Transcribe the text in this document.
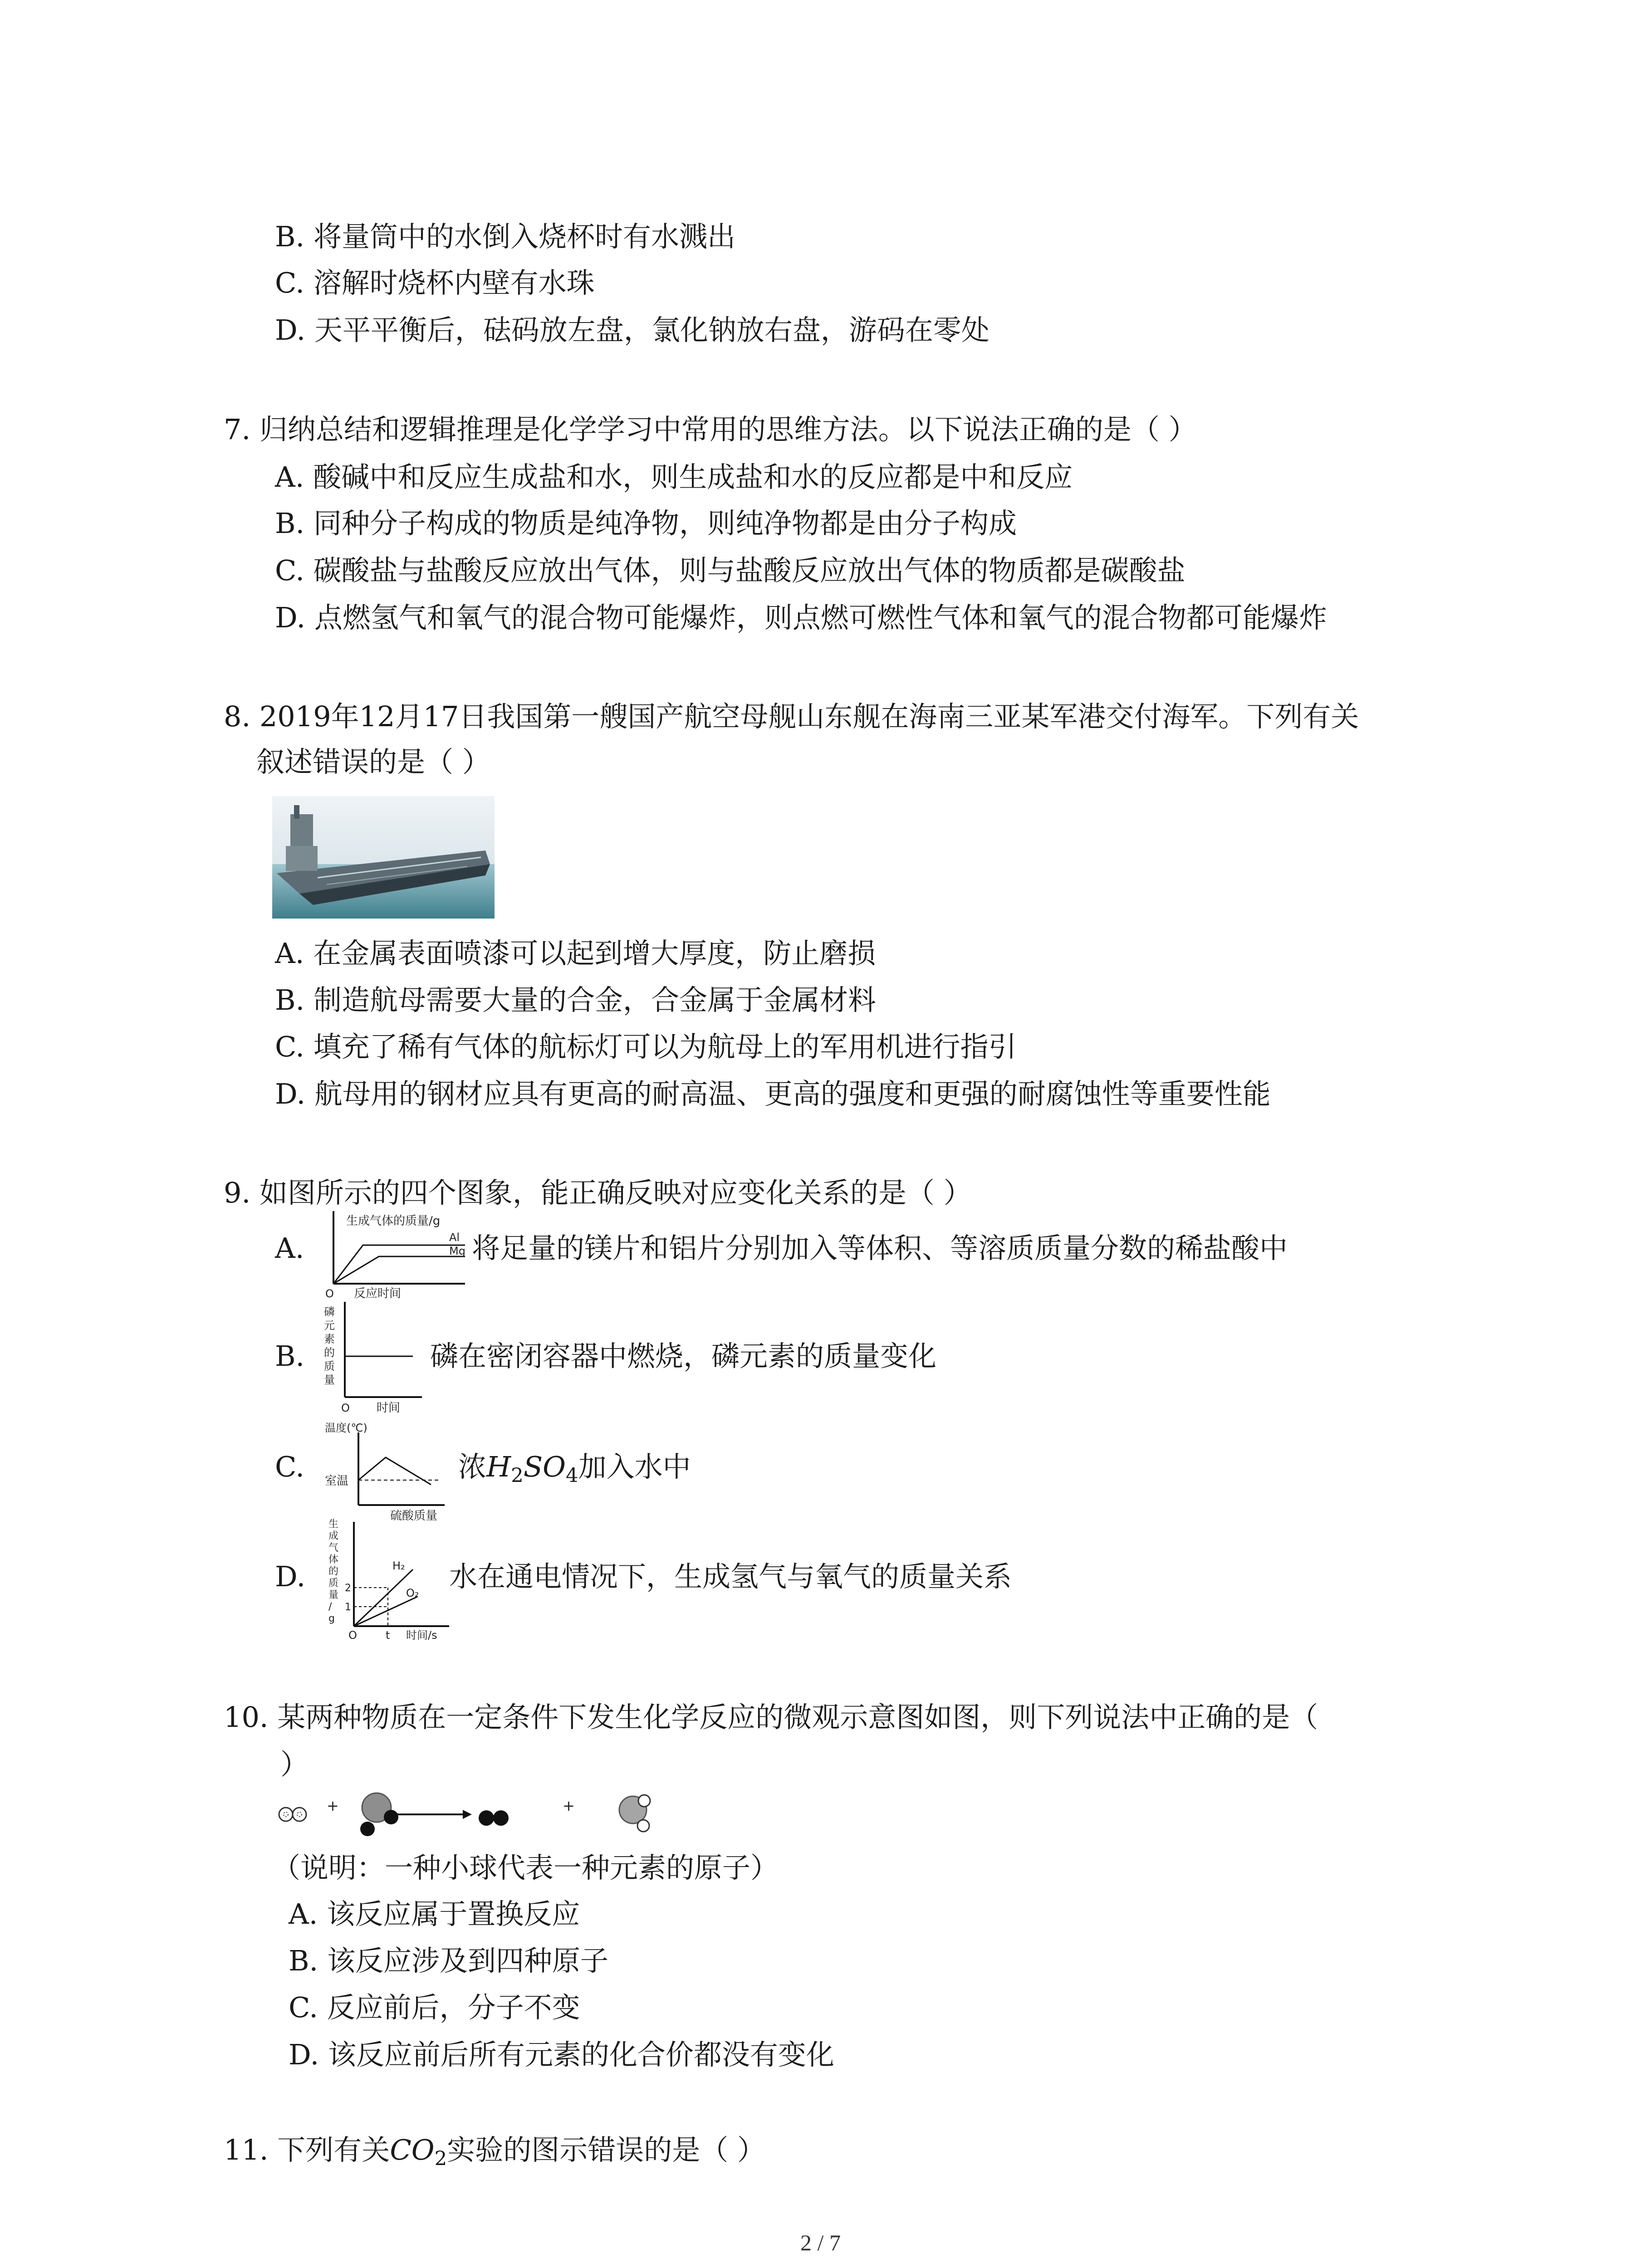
B. 将量筒中的水倒入烧杯时有水溅出
C. 溶解时烧杯内壁有水珠
D. 天平平衡后，砝码放左盘，氯化钠放右盘，游码在零处
7. 归纳总结和逻辑推理是化学学习中常用的思维方法。以下说法正确的是（ ）
A. 酸碱中和反应生成盐和水，则生成盐和水的反应都是中和反应
B. 同种分子构成的物质是纯净物，则纯净物都是由分子构成
C. 碳酸盐与盐酸反应放出气体，则与盐酸反应放出气体的物质都是碳酸盐
D. 点燃氢气和氧气的混合物可能爆炸，则点燃可燃性气体和氧气的混合物都可能爆炸
8. 2019年12月17日我国第一艘国产航空母舰山东舰在海南三亚某军港交付海军。下列有关
叙述错误的是（ ）
A. 在金属表面喷漆可以起到增大厚度，防止磨损
B. 制造航母需要大量的合金，合金属于金属材料
C. 填充了稀有气体的航标灯可以为航母上的军用机进行指引
D. 航母用的钢材应具有更高的耐高温、更高的强度和更强的耐腐蚀性等重要性能
9. 如图所示的四个图象，能正确反映对应变化关系的是（ ）
A.
生成气体的质量/g
Al
Mg
O 反应时间
将足量的镁片和铝片分别加入等体积、等溶质质量分数的稀盐酸中
B.
磷 元 素 的 质 量
O 时间
磷在密闭容器中燃烧，磷元素的质量变化
C.
温度(℃)
室温
硫酸质量
浓$H_2SO_4$加入水中
D.
生 成 气 体 的 质 量 / g
2
1
H₂
O₂
O	t 时间/s
水在通电情况下，生成氢气与氧气的质量关系
10. 某两种物质在一定条件下发生化学反应的微观示意图如图，则下列说法中正确的是（
）
+	+
（说明：一种小球代表一种元素的原子）
A. 该反应属于置换反应
B. 该反应涉及到四种原子
C. 反应前后，分子不变
D. 该反应前后所有元素的化合价都没有变化
11. 下列有关$CO_2$实验的图示错误的是（ ）
2 / 7
